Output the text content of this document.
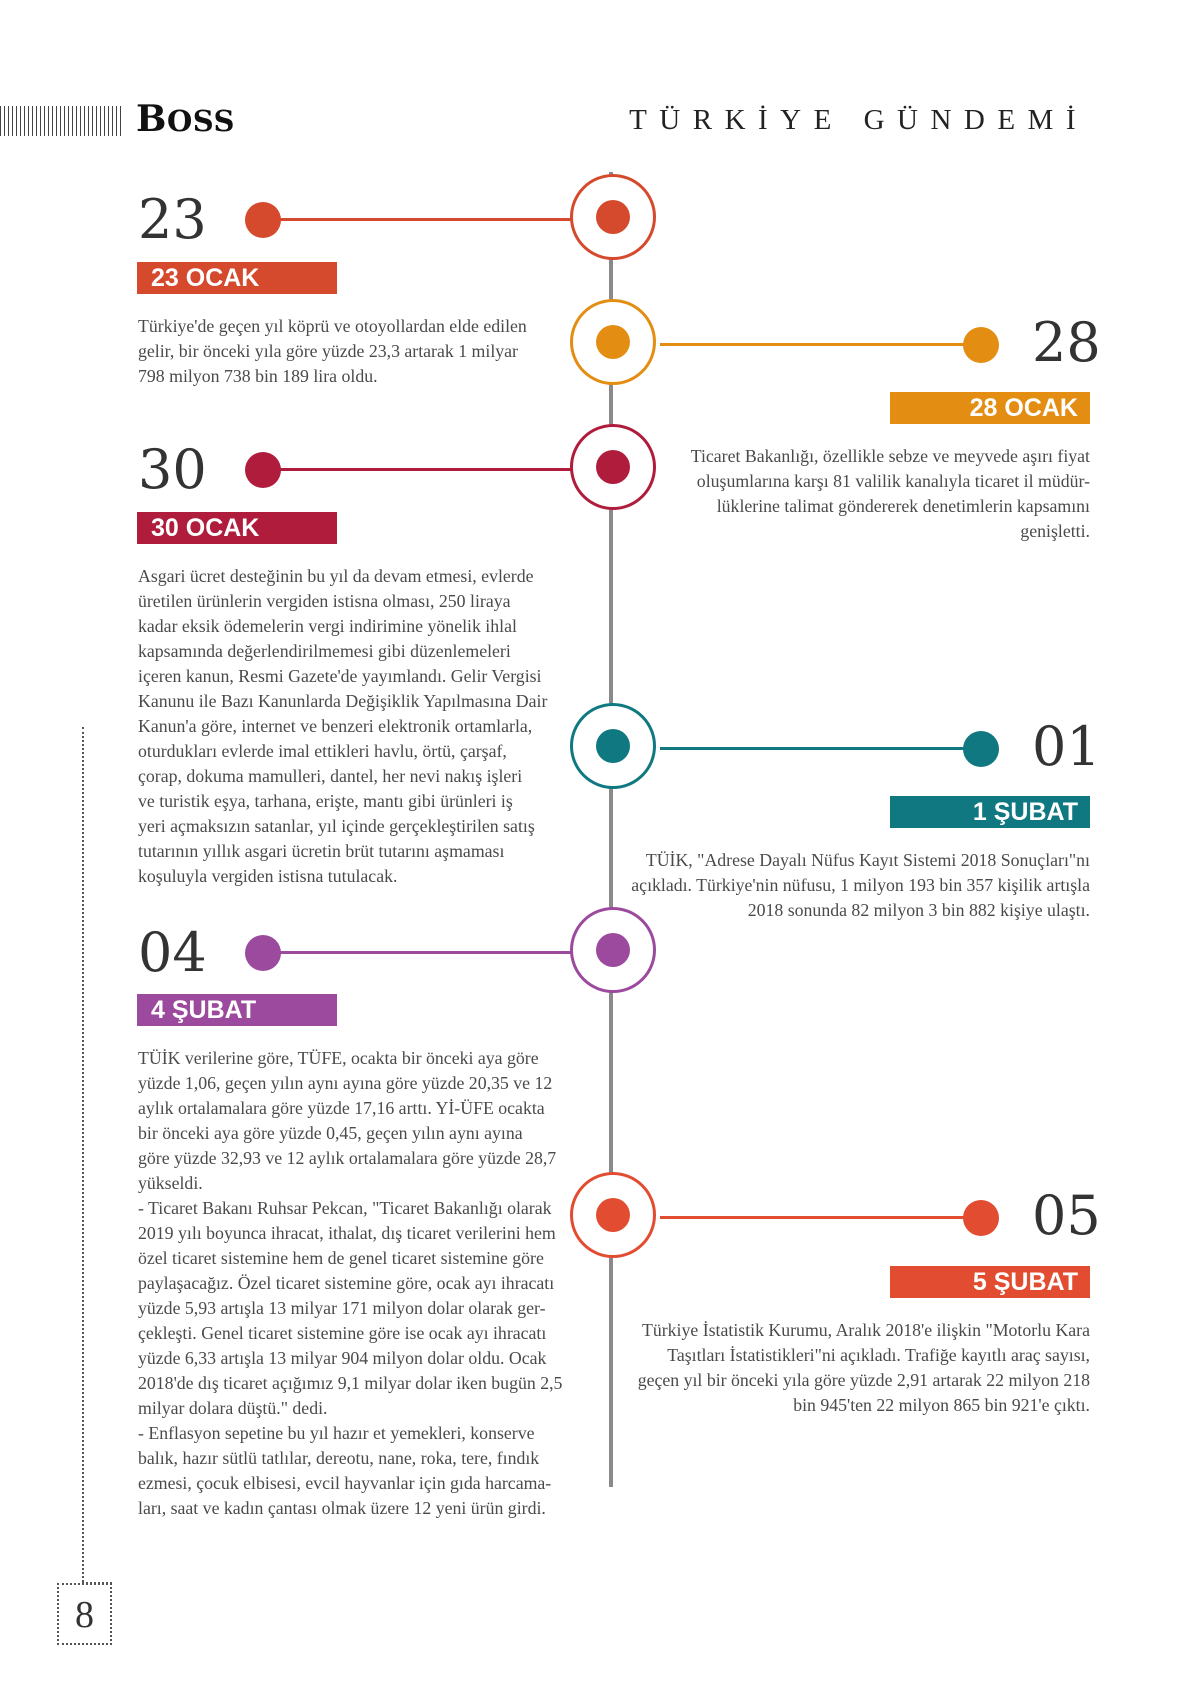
BOSS	TÜRKİYE GÜNDEMİ
23
23 OCAK
Türkiye'de geçen yıl köprü ve otoyollardan elde edilen
gelir, bir önceki yıla göre yüzde 23,3 artarak 1 milyar
798 milyon 738 bin 189 lira oldu.
28
28 OCAK
Ticaret Bakanlığı, özellikle sebze ve meyvede aşırı fiyat
oluşumlarına karşı 81 valilik kanalıyla ticaret il müdür-
lüklerine talimat göndererek denetimlerin kapsamını
genişletti.
30
30 OCAK
Asgari ücret desteğinin bu yıl da devam etmesi, evlerde
üretilen ürünlerin vergiden istisna olması, 250 liraya
kadar eksik ödemelerin vergi indirimine yönelik ihlal
kapsamında değerlendirilmemesi gibi düzenlemeleri
içeren kanun, Resmi Gazete'de yayımlandı. Gelir Vergisi
Kanunu ile Bazı Kanunlarda Değişiklik Yapılmasına Dair
Kanun'a göre, internet ve benzeri elektronik ortamlarla,
oturdukları evlerde imal ettikleri havlu, örtü, çarşaf,
çorap, dokuma mamulleri, dantel, her nevi nakış işleri
ve turistik eşya, tarhana, erişte, mantı gibi ürünleri iş
yeri açmaksızın satanlar, yıl içinde gerçekleştirilen satış
tutarının yıllık asgari ücretin brüt tutarını aşmaması
koşuluyla vergiden istisna tutulacak.
01
1 ŞUBAT
TÜİK, "Adrese Dayalı Nüfus Kayıt Sistemi 2018 Sonuçları"nı
açıkladı. Türkiye'nin nüfusu, 1 milyon 193 bin 357 kişilik artışla
2018 sonunda 82 milyon 3 bin 882 kişiye ulaştı.
04
4 ŞUBAT
TÜİK verilerine göre, TÜFE, ocakta bir önceki aya göre
yüzde 1,06, geçen yılın aynı ayına göre yüzde 20,35 ve 12
aylık ortalamalara göre yüzde 17,16 arttı. Yİ-ÜFE ocakta
bir önceki aya göre yüzde 0,45, geçen yılın aynı ayına
göre yüzde 32,93 ve 12 aylık ortalamalara göre yüzde 28,7
yükseldi.
- Ticaret Bakanı Ruhsar Pekcan, "Ticaret Bakanlığı olarak
2019 yılı boyunca ihracat, ithalat, dış ticaret verilerini hem
özel ticaret sistemine hem de genel ticaret sistemine göre
paylaşacağız. Özel ticaret sistemine göre, ocak ayı ihracatı
yüzde 5,93 artışla 13 milyar 171 milyon dolar olarak ger-
çekleşti. Genel ticaret sistemine göre ise ocak ayı ihracatı
yüzde 6,33 artışla 13 milyar 904 milyon dolar oldu. Ocak
2018'de dış ticaret açığımız 9,1 milyar dolar iken bugün 2,5
milyar dolara düştü." dedi.
- Enflasyon sepetine bu yıl hazır et yemekleri, konserve
balık, hazır sütlü tatlılar, dereotu, nane, roka, tere, fındık
ezmesi, çocuk elbisesi, evcil hayvanlar için gıda harcama-
ları, saat ve kadın çantası olmak üzere 12 yeni ürün girdi.
05
5 ŞUBAT
Türkiye İstatistik Kurumu, Aralık 2018'e ilişkin "Motorlu Kara
Taşıtları İstatistikleri"ni açıkladı. Trafiğe kayıtlı araç sayısı,
geçen yıl bir önceki yıla göre yüzde 2,91 artarak 22 milyon 218
bin 945'ten 22 milyon 865 bin 921'e çıktı.
8
